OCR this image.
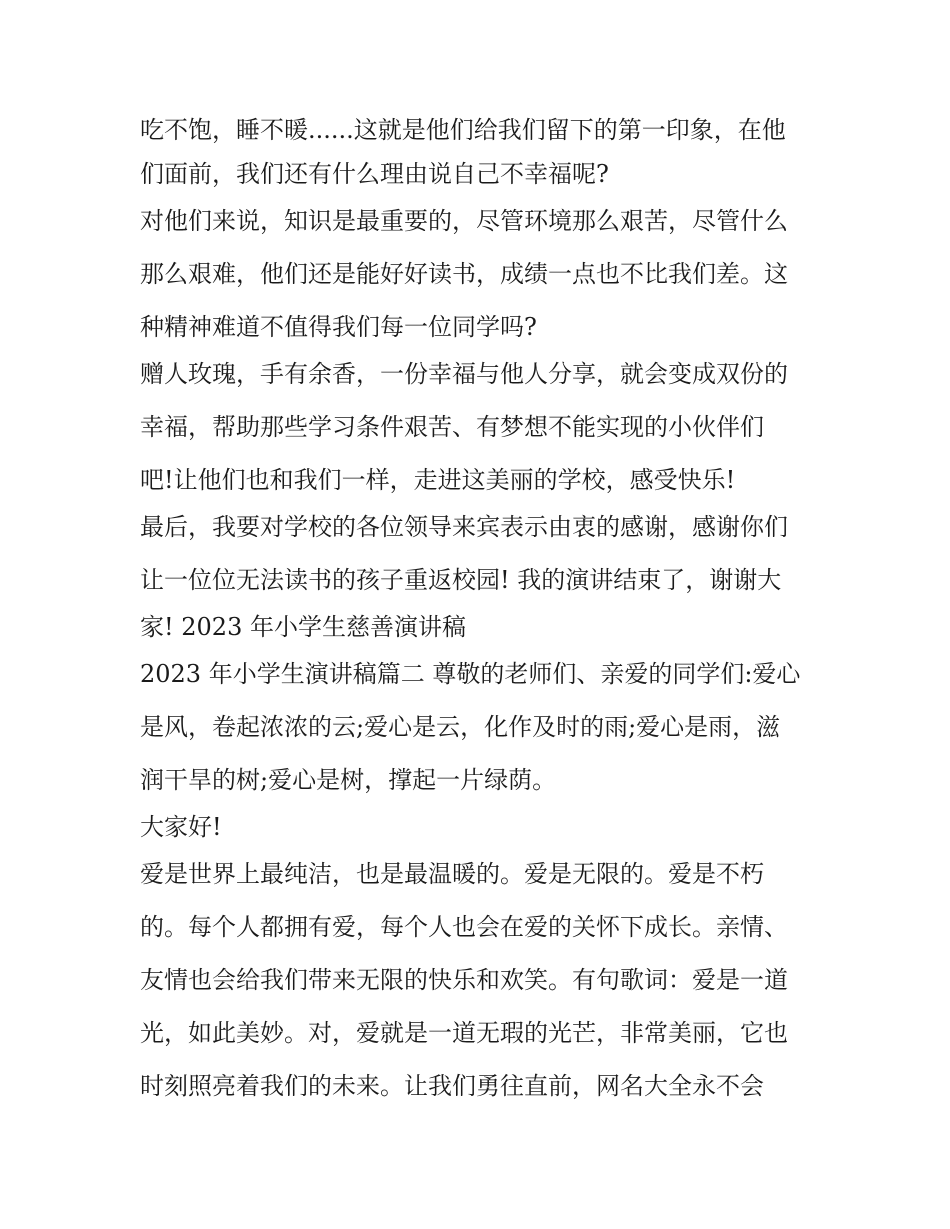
吃不饱，睡不暖......这就是他们给我们留下的第一印象，在他
们面前，我们还有什么理由说自己不幸福呢?
对他们来说，知识是最重要的，尽管环境那么艰苦，尽管什么
那么艰难，他们还是能好好读书，成绩一点也不比我们差。这
种精神难道不值得我们每一位同学吗?
赠人玫瑰，手有余香，一份幸福与他人分享，就会变成双份的
幸福，帮助那些学习条件艰苦、有梦想不能实现的小伙伴们
吧!让他们也和我们一样，走进这美丽的学校，感受快乐!
最后，我要对学校的各位领导来宾表示由衷的感谢，感谢你们
让一位位无法读书的孩子重返校园! 我的演讲结束了，谢谢大
家! 2023 年小学生慈善演讲稿
2023 年小学生演讲稿篇二 尊敬的老师们、亲爱的同学们:爱心
是风，卷起浓浓的云;爱心是云，化作及时的雨;爱心是雨，滋
润干旱的树;爱心是树，撑起一片绿荫。
大家好!
爱是世界上最纯洁，也是最温暖的。爱是无限的。爱是不朽
的。每个人都拥有爱，每个人也会在爱的关怀下成长。亲情、
友情也会给我们带来无限的快乐和欢笑。有句歌词：爱是一道
光，如此美妙。对，爱就是一道无瑕的光芒，非常美丽，它也
时刻照亮着我们的未来。让我们勇往直前，网名大全永不会
